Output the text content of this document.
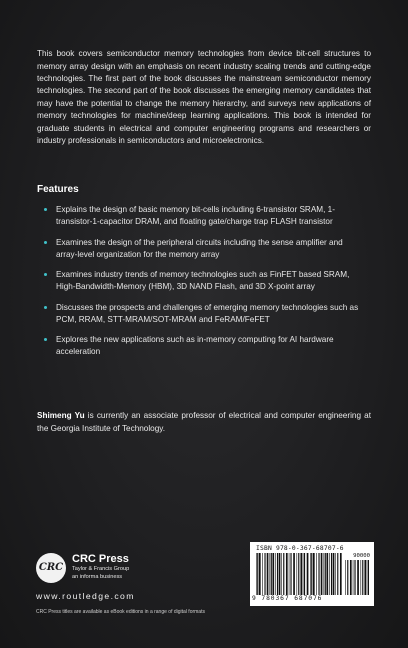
This book covers semiconductor memory technologies from device bit-cell structures to memory array design with an emphasis on recent industry scaling trends and cutting-edge technologies. The first part of the book discusses the mainstream semiconductor memory technologies. The second part of the book discusses the emerging memory candidates that may have the potential to change the memory hierarchy, and surveys new applications of memory technologies for machine/deep learning applications. This book is intended for graduate students in electrical and computer engineering programs and researchers or industry professionals in semiconductors and microelectronics.

Features
Explains the design of basic memory bit-cells including 6-transistor SRAM, 1-transistor-1-capacitor DRAM, and floating gate/charge trap FLASH transistor
Examines the design of the peripheral circuits including the sense amplifier and array-level organization for the memory array
Examines industry trends of memory technologies such as FinFET based SRAM, High-Bandwidth-Memory (HBM), 3D NAND Flash, and 3D X-point array
Discusses the prospects and challenges of emerging memory technologies such as PCM, RRAM, STT-MRAM/SOT-MRAM and FeRAM/FeFET
Explores the new applications such as in-memory computing for AI hardware acceleration

Shimeng Yu is currently an associate professor of electrical and computer engineering at the Georgia Institute of Technology.

CRC
CRC Press
Taylor & Francis Group
an informa business
www.routledge.com
CRC Press titles are available as eBook editions in a range of digital formats
ISBN 978-0-367-68707-6
90000
9 780367 687076
